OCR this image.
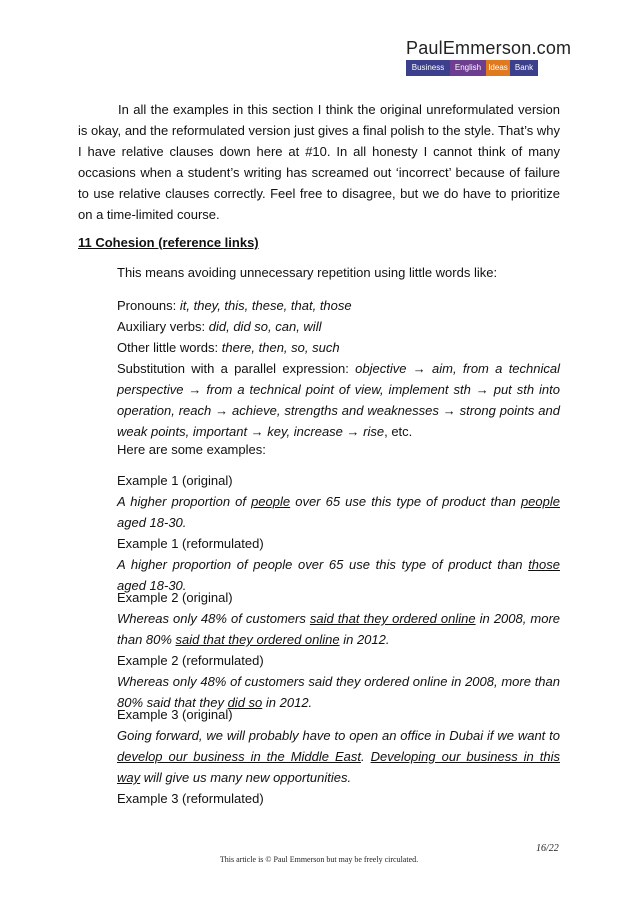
PaulEmmerson.com
Business	English Ideas Bank
In all the examples in this section I think the original unreformulated version is okay, and the reformulated version just gives a final polish to the style. That’s why I have relative clauses down here at #10. In all honesty I cannot think of many occasions when a student’s writing has screamed out ‘incorrect’ because of failure to use relative clauses correctly. Feel free to disagree, but we do have to prioritize on a time-limited course.
11 Cohesion (reference links)
This means avoiding unnecessary repetition using little words like:
Pronouns: it, they, this, these, that, those
Auxiliary verbs: did, did so, can, will
Other little words: there, then, so, such
Substitution with a parallel expression: objective → aim, from a technical perspective → from a technical point of view, implement sth → put sth into operation, reach → achieve, strengths and weaknesses → strong points and weak points, important → key, increase → rise, etc.
Here are some examples:
Example 1 (original)
A higher proportion of people over 65 use this type of product than people aged 18-30.
Example 1 (reformulated)
A higher proportion of people over 65 use this type of product than those aged 18-30.
Example 2 (original)
Whereas only 48% of customers said that they ordered online in 2008, more than 80% said that they ordered online in 2012.
Example 2 (reformulated)
Whereas only 48% of customers said they ordered online in 2008, more than 80% said that they did so in 2012.
Example 3 (original)
Going forward, we will probably have to open an office in Dubai if we want to develop our business in the Middle East. Developing our business in this way will give us many new opportunities.
Example 3 (reformulated)
16/22
This article is © Paul Emmerson but may be freely circulated.
